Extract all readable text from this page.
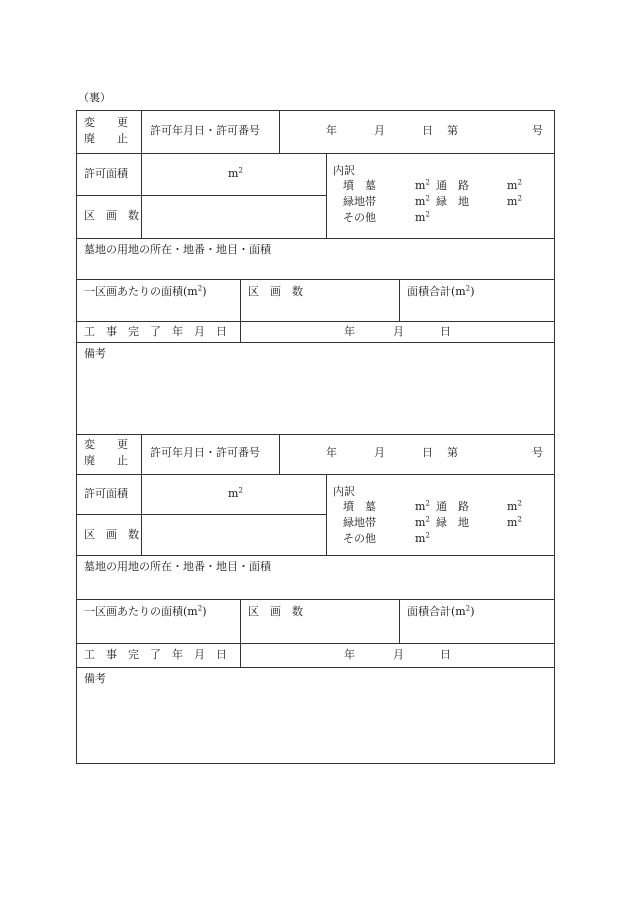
（裏）
変　　更
廃　　止
許可年月日・許可番号	年	月	日 第	号
許可面積	$m^2$
区　画　数
内訳
墳　墓	$m^2$ 通　路	$m^2$
緑地帯	$m^2$ 緑　地	$m^2$
その他	$m^2$
墓地の用地の所在・地番・地目・面積
一区画あたりの面積$(m^2)$	区　画　数	面積合計$(m^2)$
工　事　完　了　年　月　日	年	月	日
備考
変　　更
廃　　止
許可年月日・許可番号	年	月	日 第	号
許可面積	$m^2$
区　画　数
内訳
墳　墓	$m^2$ 通　路	$m^2$
緑地帯	$m^2$ 緑　地	$m^2$
その他	$m^2$
墓地の用地の所在・地番・地目・面積
一区画あたりの面積$(m^2)$	区　画　数	面積合計$(m^2)$
工　事　完　了　年　月　日	年	月	日
備考
